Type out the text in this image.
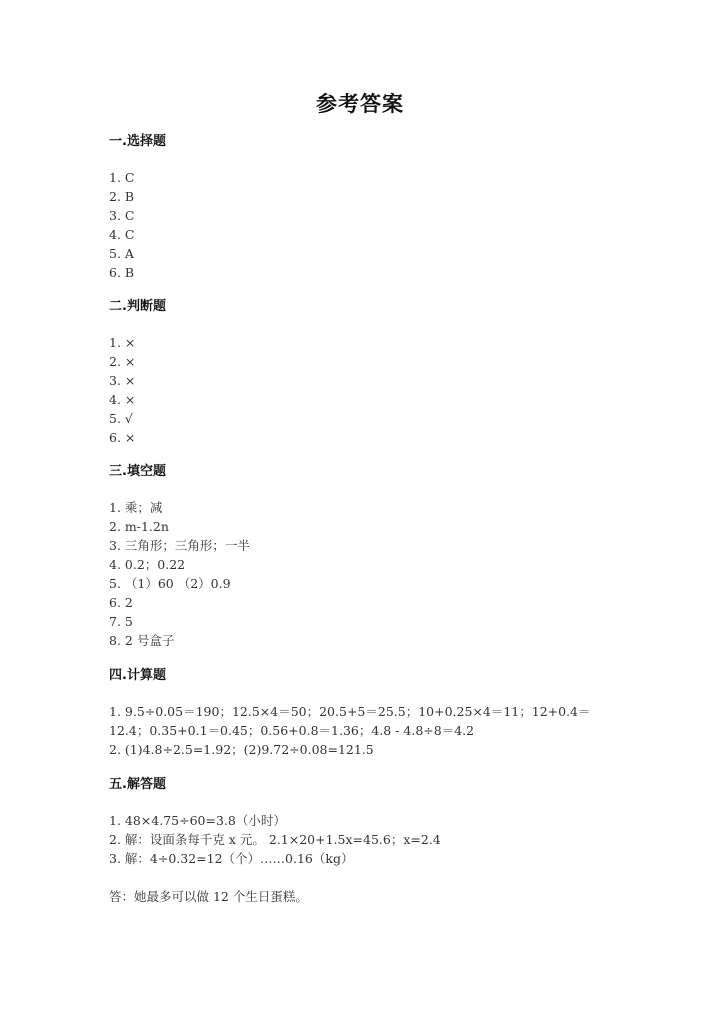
参考答案
一.选择题
1. C
2. B
3. C
4. C
5. A
6. B
二.判断题
1. ×
2. ×
3. ×
4. ×
5. √
6. ×
三.填空题
1. 乘；减
2. m-1.2n
3. 三角形；三角形；一半
4. 0.2；0.22
5. （1）60 （2）0.9
6. 2
7. 5
8. 2 号盒子
四.计算题
1. 9.5÷0.05＝190；12.5×4＝50；20.5+5＝25.5；10+0.25×4＝11；12+0.4＝
12.4；0.35+0.1＝0.45；0.56+0.8＝1.36；4.8 - 4.8÷8＝4.2
2. (1)4.8÷2.5=1.92；(2)9.72÷0.08=121.5
五.解答题
1. 48×4.75÷60=3.8（小时）
2. 解：设面条每千克 x 元。 2.1×20+1.5x=45.6；x=2.4
3. 解：4÷0.32=12（个）……0.16（kg）
答：她最多可以做 12 个生日蛋糕。
